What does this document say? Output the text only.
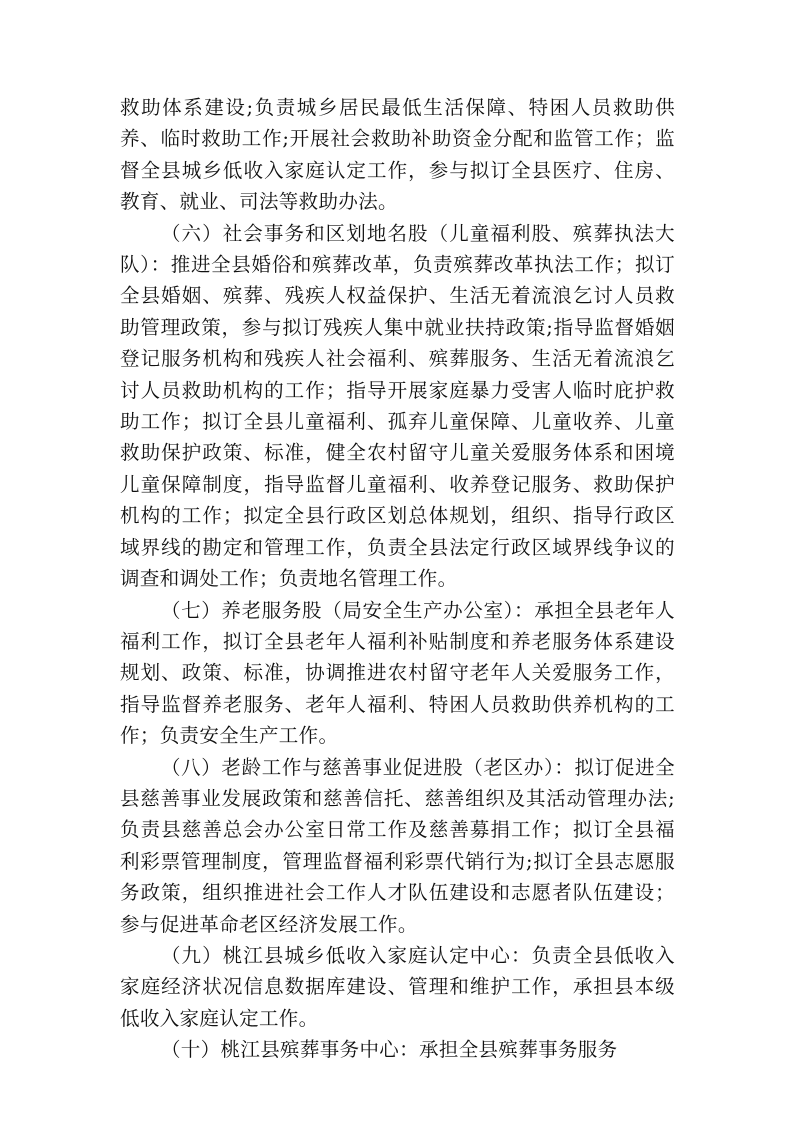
救助体系建设;负责城乡居民最低生活保障、特困人员救助供养、临时救助工作;开展社会救助补助资金分配和监管工作；监督全县城乡低收入家庭认定工作，参与拟订全县医疗、住房、教育、就业、司法等救助办法。

（六）社会事务和区划地名股（儿童福利股、殡葬执法大队）：推进全县婚俗和殡葬改革，负责殡葬改革执法工作；拟订全县婚姻、殡葬、残疾人权益保护、生活无着流浪乞讨人员救助管理政策，参与拟订残疾人集中就业扶持政策;指导监督婚姻登记服务机构和残疾人社会福利、殡葬服务、生活无着流浪乞讨人员救助机构的工作；指导开展家庭暴力受害人临时庇护救助工作；拟订全县儿童福利、孤弃儿童保障、儿童收养、儿童救助保护政策、标准，健全农村留守儿童关爱服务体系和困境儿童保障制度，指导监督儿童福利、收养登记服务、救助保护机构的工作；拟定全县行政区划总体规划，组织、指导行政区域界线的勘定和管理工作，负责全县法定行政区域界线争议的调查和调处工作；负责地名管理工作。

（七）养老服务股（局安全生产办公室）：承担全县老年人福利工作，拟订全县老年人福利补贴制度和养老服务体系建设规划、政策、标准，协调推进农村留守老年人关爱服务工作，指导监督养老服务、老年人福利、特困人员救助供养机构的工作；负责安全生产工作。

（八）老龄工作与慈善事业促进股（老区办）：拟订促进全县慈善事业发展政策和慈善信托、慈善组织及其活动管理办法;负责县慈善总会办公室日常工作及慈善募捐工作；拟订全县福利彩票管理制度，管理监督福利彩票代销行为;拟订全县志愿服务政策，组织推进社会工作人才队伍建设和志愿者队伍建设；参与促进革命老区经济发展工作。

（九）桃江县城乡低收入家庭认定中心：负责全县低收入家庭经济状况信息数据库建设、管理和维护工作，承担县本级低收入家庭认定工作。

（十）桃江县殡葬事务中心：承担全县殡葬事务服务
